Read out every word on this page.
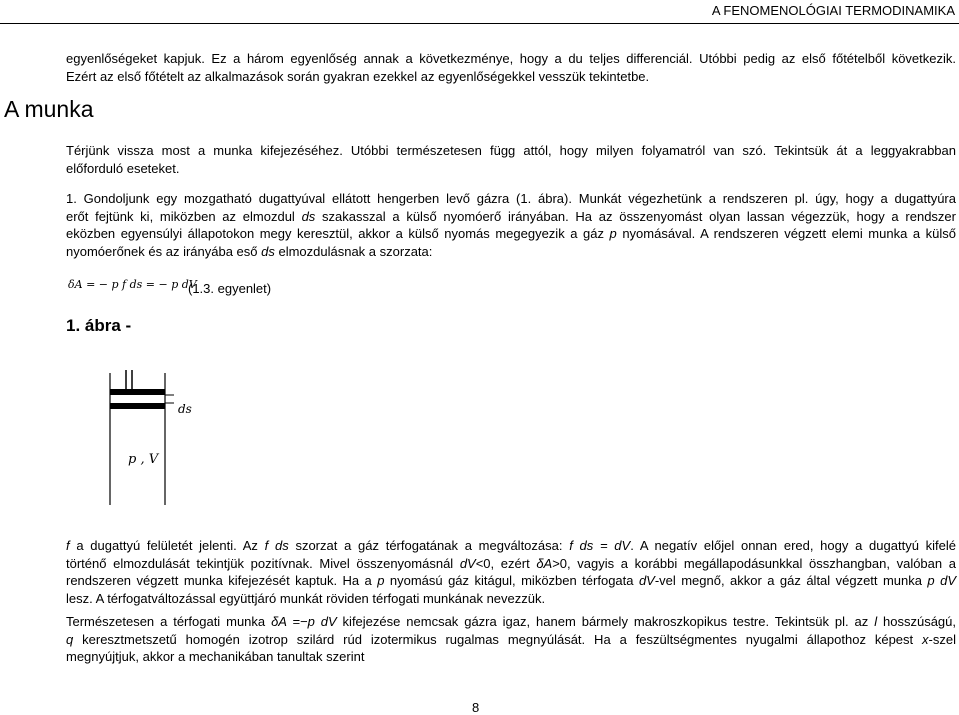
A FENOMENOLÓGIAI TERMODINAMIKA
egyenlőségeket kapjuk. Ez a három egyenlőség annak a következménye, hogy a du teljes differenciál. Utóbbi pedig az első főtételből következik.
Ezért az első főtételt az alkalmazások során gyakran ezekkel az egyenlőségekkel vesszük tekintetbe.
A munka
Térjünk vissza most a munka kifejezéséhez. Utóbbi természetesen függ attól, hogy milyen folyamatról van szó. Tekintsük át a leggyakrabban
előforduló eseteket.
1. Gondoljunk egy mozgatható dugattyúval ellátott hengerben levő gázra (1. ábra). Munkát végezhetünk a rendszeren pl. úgy, hogy a dugattyúra
erőt fejtünk ki, miközben az elmozdul ds szakasszal a külső nyomóerő irányában. Ha az összenyomást olyan lassan végezzük, hogy a rendszer
eközben egyensúlyi állapotokon megy keresztül, akkor a külső nyomás megegyezik a gáz p nyomásával. A rendszeren végzett elemi munka a külső
nyomóerőnek és az irányába eső ds elmozdulásnak a szorzata:
δA = − p f ds = − p dV
(1.3. egyenlet)
1. ábra -
ds
p , V
f a dugattyú felületét jelenti. Az f ds szorzat a gáz térfogatának a megváltozása: f ds = dV. A negatív előjel onnan ered, hogy a dugattyú kifelé
történő elmozdulását tekintjük pozitívnak. Mivel összenyomásnál dV<0, ezért δA>0, vagyis a korábbi megállapodásunkkal összhangban, valóban a
rendszeren végzett munka kifejezését kaptuk. Ha a p nyomású gáz kitágul, miközben térfogata dV-vel megnő, akkor a gáz által végzett munka p dV
lesz. A térfogatváltozással együttjáró munkát röviden térfogati munkának nevezzük.
Természetesen a térfogati munka δA =−p dV kifejezése nemcsak gázra igaz, hanem bármely makroszkopikus testre. Tekintsük pl. az l hosszúságú,
q keresztmetszetű homogén izotrop szilárd rúd izotermikus rugalmas megnyúlását. Ha a feszültségmentes nyugalmi állapothoz képest x-szel
megnyújtjuk, akkor a mechanikában tanultak szerint
8
